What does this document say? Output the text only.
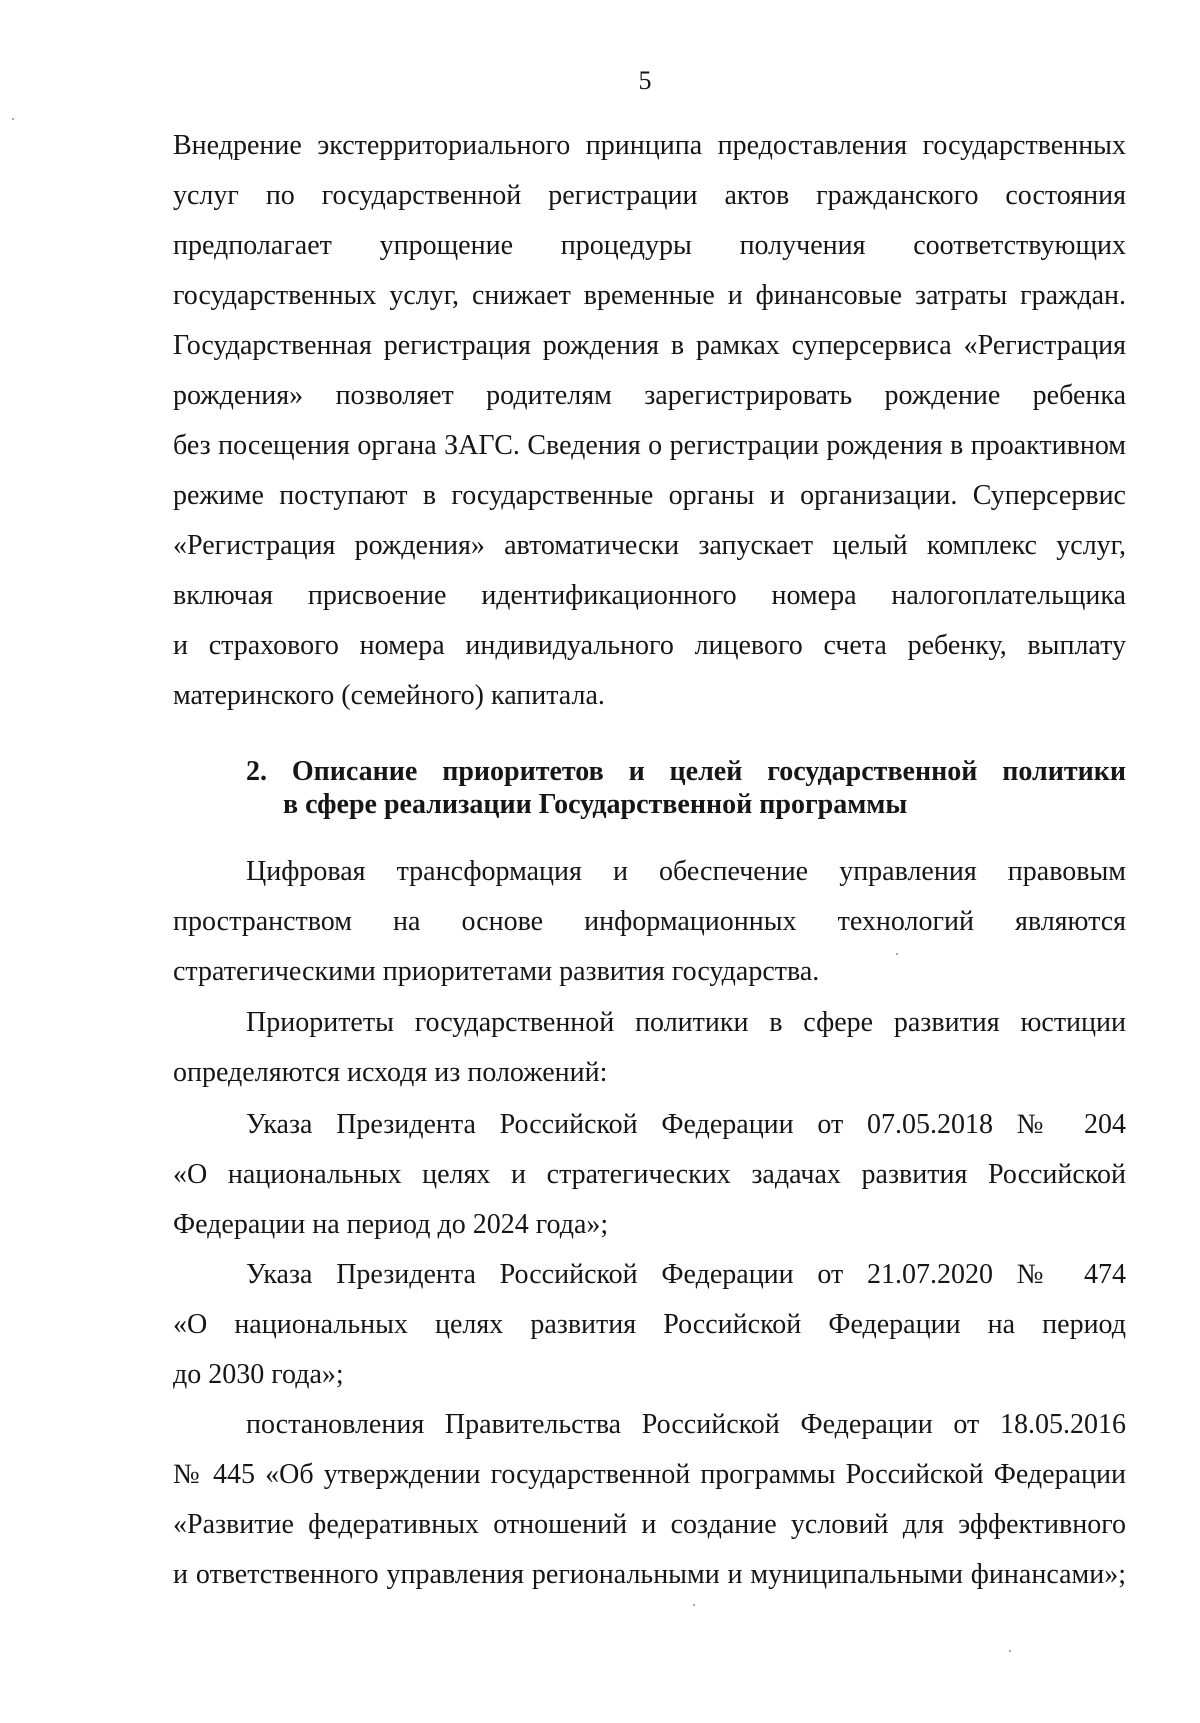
5
Внедрение экстерриториального принципа предоставления государственных
услуг по государственной регистрации актов гражданского состояния
предполагает упрощение процедуры получения соответствующих
государственных услуг, снижает временные и финансовые затраты граждан.
Государственная регистрация рождения в рамках суперсервиса «Регистрация
рождения» позволяет родителям зарегистрировать рождение ребенка
без посещения органа ЗАГС. Сведения о регистрации рождения в проактивном
режиме поступают в государственные органы и организации. Суперсервис
«Регистрация рождения» автоматически запускает целый комплекс услуг,
включая присвоение идентификационного номера налогоплательщика
и страхового номера индивидуального лицевого счета ребенку, выплату
материнского (семейного) капитала.
2. Описание приоритетов и целей государственной политики
в сфере реализации Государственной программы
Цифровая трансформация и обеспечение управления правовым
пространством на основе информационных технологий являются
стратегическими приоритетами развития государства.
Приоритеты государственной политики в сфере развития юстиции
определяются исходя из положений:
Указа Президента Российской Федерации от 07.05.2018 № 204
«О национальных целях и стратегических задачах развития Российской
Федерации на период до 2024 года»;
Указа Президента Российской Федерации от 21.07.2020 № 474
«О национальных целях развития Российской Федерации на период
до 2030 года»;
постановления Правительства Российской Федерации от 18.05.2016
№ 445 «Об утверждении государственной программы Российской Федерации
«Развитие федеративных отношений и создание условий для эффективного
и ответственного управления региональными и муниципальными финансами»;
